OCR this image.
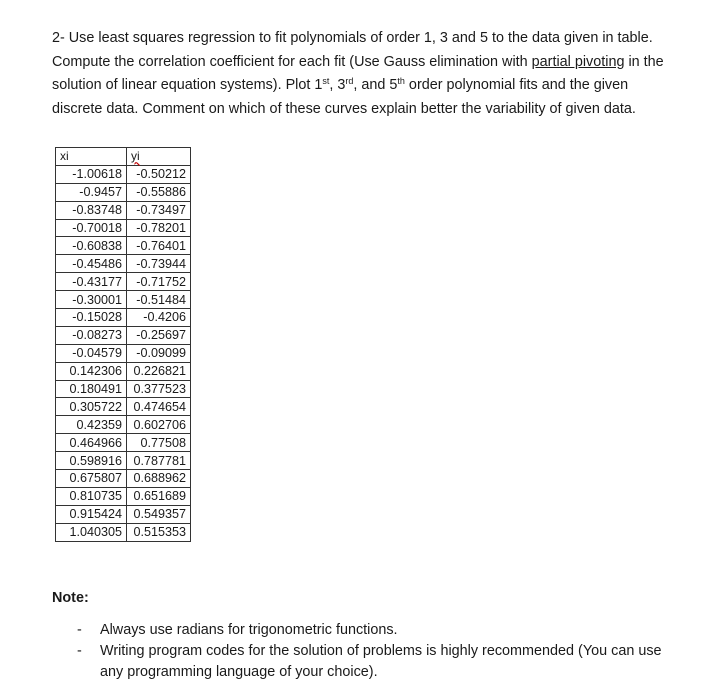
2- Use least squares regression to fit polynomials of order 1, 3 and 5 to the data given in table. Compute the correlation coefficient for each fit (Use Gauss elimination with partial pivoting in the solution of linear equation systems). Plot 1st, 3rd, and 5th order polynomial fits and the given discrete data. Comment on which of these curves explain better the variability of given data.

xi	yi
-1.00618	-0.50212
-0.9457	-0.55886
-0.83748	-0.73497
-0.70018	-0.78201
-0.60838	-0.76401
-0.45486	-0.73944
-0.43177	-0.71752
-0.30001	-0.51484
-0.15028	-0.4206
-0.08273	-0.25697
-0.04579	-0.09099
0.142306	0.226821
0.180491	0.377523
0.305722	0.474654
0.42359	0.602706
0.464966	0.77508
0.598916	0.787781
0.675807	0.688962
0.810735	0.651689
0.915424	0.549357
1.040305	0.515353
Note:
- Always use radians for trigonometric functions.
- Writing program codes for the solution of problems is highly recommended (You can use any programming language of your choice).
